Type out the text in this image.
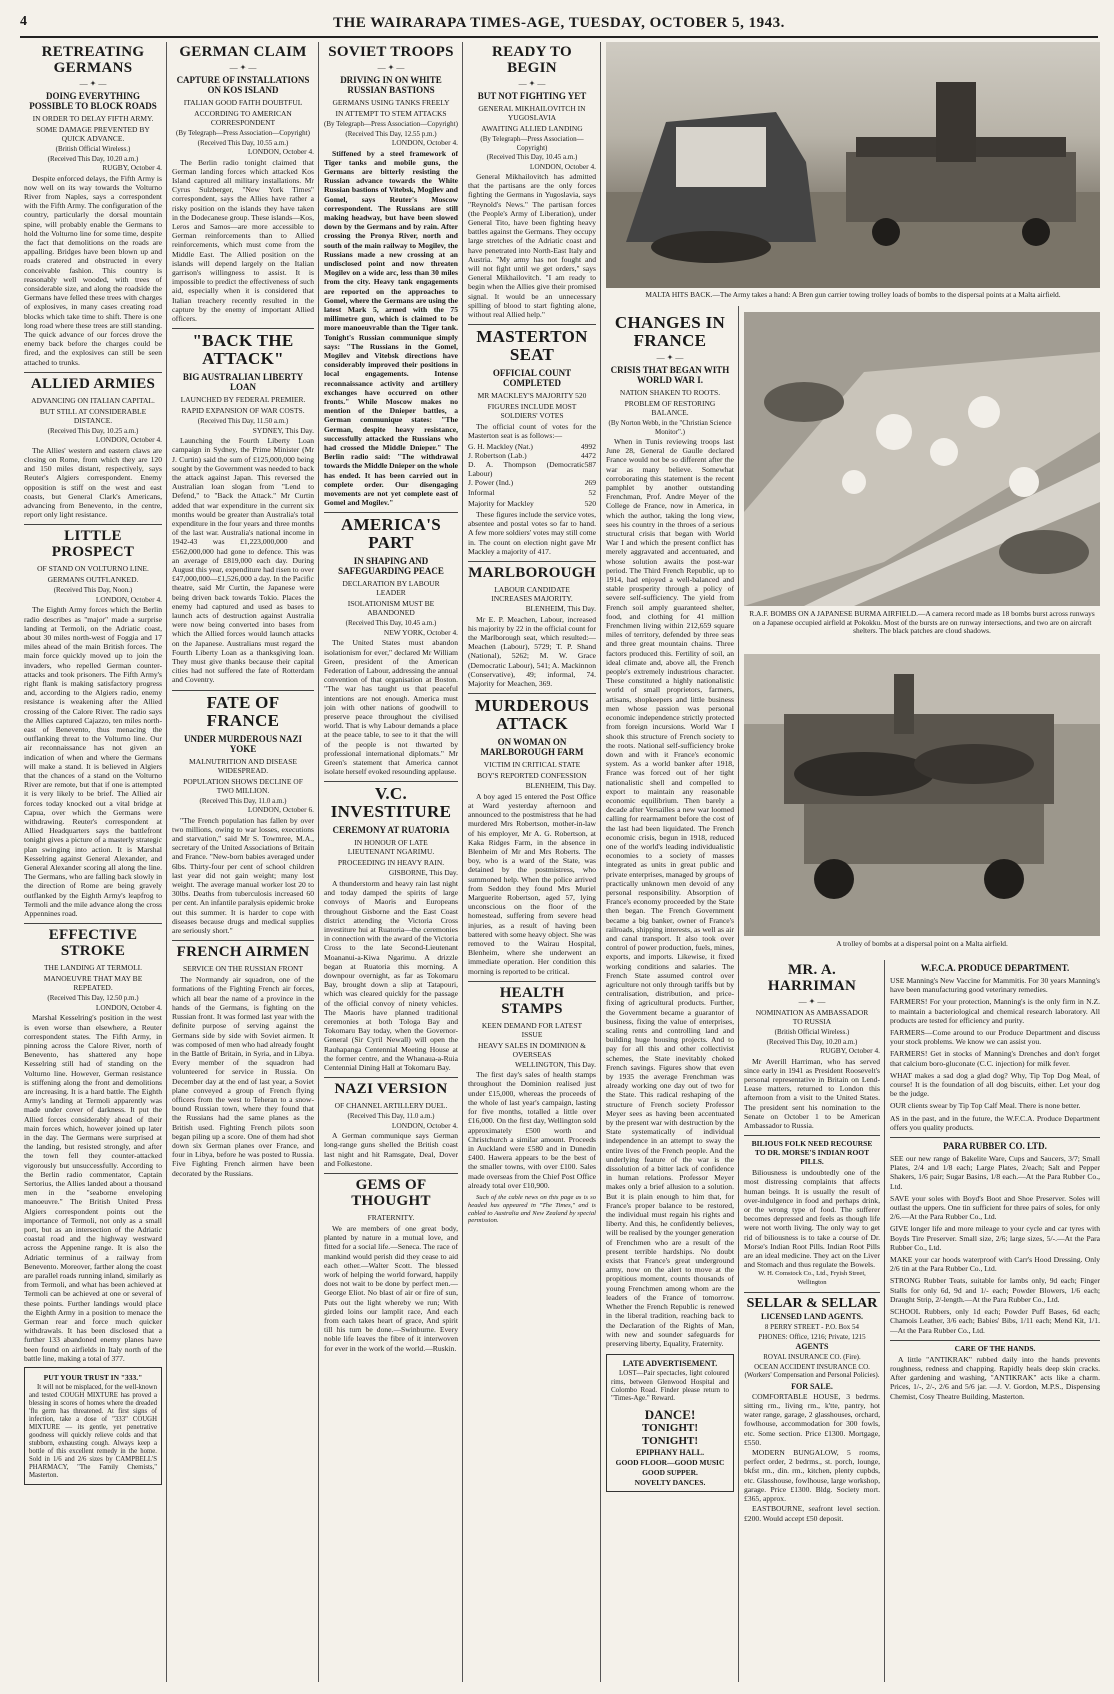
4	THE WAIRARAPA TIMES-AGE, TUESDAY, OCTOBER 5, 1943.
RETREATING GERMANS
— ✦ —
DOING EVERYTHING POSSIBLE TO BLOCK ROADS
IN ORDER TO DELAY FIFTH ARMY.
SOME DAMAGE PREVENTED BY QUICK ADVANCE.
(British Official Wireless.)
(Received This Day, 10.20 a.m.)
RUGBY, October 4.

Despite enforced delays, the Fifth Army is now well on its way towards the Volturno River from Naples, says a correspondent with the Fifth Army. The configuration of the country, particularly the dorsal mountain spine, will probably enable the Germans to hold the Volturno line for some time, despite the fact that demolitions on the roads are appalling. Bridges have been blown up and roads cratered and obstructed in every conceivable fashion. This country is reasonably well wooded, with trees of considerable size, and along the roadside the Germans have felled these trees with charges of explosives, in many cases creating road blocks which take time to shift. There is one long road where these trees are still standing. The quick advance of our forces drove the enemy back before the charges could be fired, and the explosives can still be seen attached to trunks.

ALLIED ARMIES
ADVANCING ON ITALIAN CAPITAL.
BUT STILL AT CONSIDERABLE DISTANCE.
(Received This Day, 10.25 a.m.)
LONDON, October 4.

The Allies' western and eastern claws are closing on Rome, from which they are 120 and 150 miles distant, respectively, says Reuter's Algiers correspondent. Enemy opposition is stiff on the west and east coasts, but General Clark's Americans, advancing from Benevento, in the centre, report only light resistance.

LITTLE PROSPECT
OF STAND ON VOLTURNO LINE.
GERMANS OUTFLANKED.
(Received This Day, Noon.)
LONDON, October 4.

The Eighth Army forces which the Berlin radio describes as "major" made a surprise landing at Termoli, on the Adriatic coast, about 30 miles north-west of Foggia and 17 miles ahead of the main British forces. The main force quickly moved up to join the invaders, who repelled German counter-attacks and took prisoners. The Fifth Army's right flank is making satisfactory progress and, according to the Algiers radio, enemy resistance is weakening after the Allied crossing of the Calore River. The radio says the Allies captured Cajazzo, ten miles north-east of Benevento, thus menacing the outflanking threat to the Volturno line. Our air reconnaissance has not given an indication of when and where the Germans will make a stand. It is believed in Algiers that the chances of a stand on the Volturno River are remote, but that if one is attempted it is very likely to be brief. The Allied air forces today knocked out a vital bridge at Capua, over which the Germans were withdrawing. Reuter's correspondent at Allied Headquarters says the battlefront tonight gives a picture of a masterly strategic plan swinging into action. It is Marshal Kesselring against General Alexander, and General Alexander scoring all along the line. The Germans, who are falling back slowly in the direction of Rome are being gravely outflanked by the Eighth Army's leapfrog to Termoli and the mile advance along the cross Appennines road.

EFFECTIVE STROKE
THE LANDING AT TERMOLI.
MANOEUVRE THAT MAY BE REPEATED.
(Received This Day, 12.50 p.m.)
LONDON, October 4.

Marshal Kesselring's position in the west is even worse than elsewhere, a Reuter correspondent states. The Fifth Army, in pinning across the Calore River, north of Benevento, has shattered any hope Kesselring still had of standing on the Volturno line. However, German resistance is stiffening along the front and demolitions are increasing. It is a hard battle. The Eighth Army's landing at Termoli apparently was made under cover of darkness. It put the Allied forces considerably ahead of their main forces which, however joined up later in the day. The Germans were surprised at the landing, but resisted strongly, and after the town fell they counter-attacked vigorously but unsuccessfully. According to the Berlin radio commentator, Captain Sertorius, the Allies landed about a thousand men in the "seaborne enveloping manoeuvre." The British United Press Algiers correspondent points out the importance of Termoli, not only as a small port, but as an intersection of the Adriatic coastal road and the highway westward across the Appenine range. It is also the Adriatic terminus of a railway from Benevento. Moreover, farther along the coast are parallel roads running inland, similarly as from Termoli, and what has been achieved at Termoli can be achieved at one or several of these points. Further landings would place the Eighth Army in a position to menace the German rear and force much quicker withdrawals. It has been disclosed that a further 133 abandoned enemy planes have been found on airfields in Italy north of the battle line, making a total of 377.

PUT YOUR TRUST IN "333."

It will not be misplaced, for the well-known and tested COUGH MIXTURE has proved a blessing in scores of homes where the dreaded 'flu germ has threatened. At first signs of infection, take a dose of "333" COUGH MIXTURE — its gentle, yet penetrative goodness will quickly relieve colds and that stubborn, exhausting cough. Always keep a bottle of this excellent remedy in the home. Sold in 1/6 and 2/6 sizes by CAMPBELL'S PHARMACY, "The Family Chemists," Masterton.

GERMAN CLAIM
— ✦ —
CAPTURE OF INSTALLATIONS ON KOS ISLAND
ITALIAN GOOD FAITH DOUBTFUL
ACCORDING TO AMERICAN CORRESPONDENT
(By Telegraph—Press Association—Copyright)
(Received This Day, 10.55 a.m.)
LONDON, October 4.

The Berlin radio tonight claimed that German landing forces which attacked Kos Island captured all military installations. Mr Cyrus Sulzberger, "New York Times" correspondent, says the Allies have rather a risky position on the islands they have taken in the Dodecanese group. These islands—Kos, Leros and Samos—are more accessible to German reinforcements than to Allied reinforcements, which must come from the Middle East. The Allied position on the islands will depend largely on the Italian garrison's willingness to assist. It is impossible to predict the effectiveness of such aid, especially when it is considered that Italian treachery recently resulted in the capture by the enemy of important Allied officers.

"BACK THE ATTACK"
BIG AUSTRALIAN LIBERTY LOAN
LAUNCHED BY FEDERAL PREMIER.
RAPID EXPANSION OF WAR COSTS.
(Received This Day, 11.50 a.m.)
SYDNEY, This Day.

Launching the Fourth Liberty Loan campaign in Sydney, the Prime Minister (Mr J. Curtin) said the sum of £125,000,000 being sought by the Government was needed to back the attack against Japan. This reversed the Australian loan slogan from "Lend to Defend," to "Back the Attack." Mr Curtin added that war expenditure in the current six months would be greater than Australia's total expenditure in the four years and three months of the last war. Australia's national income in 1942-43 was £1,223,000,000 and £562,000,000 had gone to defence. This was an average of £819,000 each day. During August this year, expenditure had risen to over £47,000,000—£1,526,000 a day. In the Pacific theatre, said Mr Curtin, the Japanese were being driven back towards Tokio. Places the enemy had captured and used as bases to launch acts of destruction against Australia were now being converted into bases from which the Allied forces would launch attacks on the Japanese. Australians must regard the Fourth Liberty Loan as a thanksgiving loan. They must give thanks because their capital cities had not suffered the fate of Rotterdam and Coventry.

FATE OF FRANCE
UNDER MURDEROUS NAZI YOKE
MALNUTRITION AND DISEASE WIDESPREAD.
POPULATION SHOWS DECLINE OF TWO MILLION.
(Received This Day, 11.0 a.m.)
LONDON, October 6.

"The French population has fallen by over two millions, owing to war losses, executions and starvation," said Mr S. Towmree, M.A., secretary of the United Associations of Britain and France. "New-born babies averaged under 6lbs. Thirty-four per cent of school children last year did not gain weight; many lost weight. The average manual worker lost 20 to 30lbs. Deaths from tuberculosis increased 60 per cent. An infantile paralysis epidemic broke out this summer. It is harder to cope with diseases because drugs and medical supplies are seriously short."

FRENCH AIRMEN
SERVICE ON THE RUSSIAN FRONT

The Normandy air squadron, one of the formations of the Fighting French air forces, which all bear the name of a province in the hands of the Germans, is fighting on the Russian front. It was formed last year with the definite purpose of serving against the Germans side by side with Soviet airmen. It was composed of men who had already fought in the Battle of Britain, in Syria, and in Libya. Every member of the squadron had volunteered for service in Russia. On December day at the end of last year, a Soviet plane conveyed a group of French flying officers from the west to Teheran to a snow-bound Russian town, where they found that the Russians had the same planes as the British used. Fighting French pilots soon began piling up a score. One of them had shot down six German planes over France, and four in Libya, before he was posted to Russia. Five Fighting French airmen have been decorated by the Russians.

SOVIET TROOPS
— ✦ —
DRIVING IN ON WHITE RUSSIAN BASTIONS
GERMANS USING TANKS FREELY
IN ATTEMPT TO STEM ATTACKS
(By Telegraph—Press Association—Copyright)
(Received This Day, 12.55 p.m.)
LONDON, October 4.

Stiffened by a steel framework of Tiger tanks and mobile guns, the Germans are bitterly resisting the Russian advance towards the White Russian bastions of Vitebsk, Mogilev and Gomel, says Reuter's Moscow correspondent. The Russians are still making headway, but have been slowed down by the Germans and by rain. After crossing the Pronya River, north and south of the main railway to Mogilev, the Russians made a new crossing at an undisclosed point and now threaten Mogilev on a wide arc, less than 30 miles from the city. Heavy tank engagements are reported on the approaches to Gomel, where the Germans are using the latest Mark 5, armed with the 75 millimetre gun, which is claimed to be more manoeuvrable than the Tiger tank. Tonight's Russian communique simply says: "The Russians in the Gomel, Mogilev and Vitebsk directions have considerably improved their positions in local engagements. Intense reconnaissance activity and artillery exchanges have occurred on other fronts." While Moscow makes no mention of the Dnieper battles, a German communique states: "The German, despite heavy resistance, successfully attacked the Russians who had crossed the Middle Dnieper." The Berlin radio said: "The withdrawal towards the Middle Dnieper on the whole has ended. It has been carried out in complete order. Our disengaging movements are not yet complete east of Gomel and Mogilev."

AMERICA'S PART
IN SHAPING AND SAFEGUARDING PEACE
DECLARATION BY LABOUR LEADER
ISOLATIONISM MUST BE ABANDONED
(Received This Day, 10.45 a.m.)
NEW YORK, October 4.

The United States must abandon isolationism for ever," declared Mr William Green, president of the American Federation of Labour, addressing the annual convention of that organisation at Boston. "The war has taught us that peaceful intentions are not enough. America must join with other nations of goodwill to preserve peace throughout the civilised world. That is why Labour demands a place at the peace table, to see to it that the will of the people is not thwarted by professional international diplomats." Mr Green's statement that America cannot isolate herself evoked resounding applause.

V.C. INVESTITURE
CEREMONY AT RUATORIA
IN HONOUR OF LATE LIEUTENANT NGARIMU.
PROCEEDING IN HEAVY RAIN.
GISBORNE, This Day.

A thunderstorm and heavy rain last night and today damped the spirits of large convoys of Maoris and Europeans throughout Gisborne and the East Coast district attending the Victoria Cross investiture hui at Ruatoria—the ceremonies in connection with the award of the Victoria Cross to the late Second-Lieutenant Moananui-a-Kiwa Ngarimu. A drizzle began at Ruatoria this morning. A downpour overnight, as far as Tokomaru Bay, brought down a slip at Tatapouri, which was cleared quickly for the passage of the official convoy of ninety vehicles. The Maoris have planned traditional ceremonies at both Tologa Bay and Tokomaru Bay today, when the Governor-General (Sir Cyril Newall) will open the Rauhapanga Centennial Meeting House at the former centre, and the Whanaua-a-Ruia Centennial Dining Hall at Tokomaru Bay.

NAZI VERSION
OF CHANNEL ARTILLERY DUEL.
(Received This Day, 11.0 a.m.)
LONDON, October 4.

A German communique says German long-range guns shelled the British coast last night and hit Ramsgate, Deal, Dover and Folkestone.

GEMS OF THOUGHT
FRATERNITY.

We are members of one great body, planted by nature in a mutual love, and fitted for a social life.—Seneca. The race of mankind would perish did they cease to aid each other.—Walter Scott. The blessed work of helping the world forward, happily does not wait to be done by perfect men.—George Eliot. No blast of air or fire of sun, Puts out the light whereby we run; With girded loins our lamplit race, And each from each takes heart of grace, And spirit till his turn be done.—Swinburne. Every noble life leaves the fibre of it interwoven for ever in the work of the world.—Ruskin.

READY TO BEGIN
— ✦ —
BUT NOT FIGHTING YET
GENERAL MIKHAILOVITCH IN YUGOSLAVIA
AWAITING ALLIED LANDING
(By Telegraph—Press Association—Copyright)
(Received This Day, 10.45 a.m.)
LONDON, October 4.

General Mikhailovitch has admitted that the partisans are the only forces fighting the Germans in Yugoslavia, says "Reynold's News." The partisan forces (the People's Army of Liberation), under General Tito, have been fighting heavy battles against the Germans. They occupy large stretches of the Adriatic coast and have penetrated into North-East Italy and Austria. "My army has not fought and will not fight until we get orders," says General Mikhailovitch. "I am ready to begin when the Allies give their promised signal. It would be an unnecessary spilling of blood to start fighting alone, without real Allied help."

MASTERTON SEAT
OFFICIAL COUNT COMPLETED
MR MACKLEY'S MAJORITY 520
FIGURES INCLUDE MOST SOLDIERS' VOTES

The official count of votes for the Masterton seat is as follows:—

G. H. Mackley (Nat.)	4992
J. Robertson (Lab.)	4472
D. A. Thompson (Democratic Labour)
587
J. Power (Ind.)	269
Informal	52
Majority for Mackley	520

These figures include the service votes, absentee and postal votes so far to hand. A few more soldiers' votes may still come in. The count on election night gave Mr Mackley a majority of 417.

MARLBOROUGH
LABOUR CANDIDATE INCREASES MAJORITY.
BLENHEIM, This Day.

Mr E. P. Meachen, Labour, increased his majority by 22 in the official count for the Marlborough seat, which resulted:—Meachen (Labour), 5729; T. P. Shand (National), 5262; M. W. Grace (Democratic Labour), 541; A. Mackinnon (Conservative), 49; informal, 74. Majority for Meachen, 369.

MURDEROUS ATTACK
ON WOMAN ON MARLBOROUGH FARM
VICTIM IN CRITICAL STATE
BOY'S REPORTED CONFESSION
BLENHEIM, This Day.

A boy aged 15 entered the Post Office at Ward yesterday afternoon and announced to the postmistress that he had murdered Mrs Robertson, mother-in-law of his employer, Mr A. G. Robertson, at Kaka Ridges Farm, in the absence in Blenheim of Mr and Mrs Roberts. The boy, who is a ward of the State, was detained by the postmistress, who summoned help. When the police arrived from Seddon they found Mrs Muriel Marguerite Robertson, aged 57, lying unconscious on the floor of the homestead, suffering from severe head injuries, as a result of having been battered with some heavy object. She was removed to the Wairau Hospital, Blenheim, where she underwent an immediate operation. Her condition this morning is reported to be critical.

HEALTH STAMPS
KEEN DEMAND FOR LATEST ISSUE
HEAVY SALES IN DOMINION & OVERSEAS
WELLINGTON, This Day.

The first day's sales of health stamps throughout the Dominion realised just under £15,000, whereas the proceeds of the whole of last year's campaign, lasting for five months, totalled a little over £16,000. On the first day, Wellington sold approximately £500 worth and Christchurch a similar amount. Proceeds in Auckland were £580 and in Dunedin £400. Hawera appears to be the best of the smaller towns, with over £100. Sales made overseas from the Chief Post Office already total over £10,900.

Such of the cable news on this page as is so headed has appeared in "The Times," and is cabled to Australia and New Zealand by special permission.

MALTA HITS BACK.—The Army takes a hand: A Bren gun carrier towing trolley loads of bombs to the dispersal points at a Malta airfield.
CHANGES IN FRANCE
— ✦ —
CRISIS THAT BEGAN WITH WORLD WAR I.
NATION SHAKEN TO ROOTS.
PROBLEM OF RESTORING BALANCE.
(By Norton Webb, in the "Christian Science Monitor".)

When in Tunis reviewing troops last June 28, General de Gaulle declared France would not be so different after the war as many believe. Somewhat corroborating this statement is the recent pamphlet by another outstanding Frenchman, Prof. Andre Meyer of the College de France, now in America, in which the author, taking the long view, sees his country in the throes of a serious structural crisis that began with World War I and which the present conflict has merely aggravated and accentuated, and whose solution awaits the post-war period. The Third French Republic, up to 1914, had enjoyed a well-balanced and stable prosperity through a policy of severe self-sufficiency. The yield from French soil amply guaranteed shelter, food, and clothing for 41 million Frenchmen living within 212,659 square miles of territory, defended by three seas and three great mountain chains. Three factors produced this. Fertility of soil, an ideal climate and, above all, the French people's extremely industrious character. These constituted a highly nationalistic world of small proprietors, farmers, artisans, shopkeepers and little business men whose passion was personal economic independence strictly protected from foreign incursions. World War I shook this structure of French society to the roots. National self-sufficiency broke down and with it France's economic system. As a world banker after 1918, France was forced out of her tight nationalistic shell and compelled to export to maintain any reasonable economic equilibrium. Then barely a decade after Versailles a new war loomed calling for rearmament before the cost of the last had been liquidated. The French economic crisis, begun in 1918, reduced one of the world's leading individualistic economies to a society of masses integrated as units in great public and private enterprises, managed by groups of practically unknown men devoid of any personal responsibility. Absorption of France's economy proceeded by the State then began. The French Government became a big banker, owner of France's railroads, shipping interests, as well as air and canal transport. It also took over control of power production, fuels, mines, exports, and imports. Likewise, it fixed working conditions and salaries. The French State assumed control over agriculture not only through tariffs but by centralisation, distribution, and price-fixing of agricultural products. Further, the Government became a guarantor of business, fixing the value of enterprises, scaling rents and controlling land and building huge housing projects. And to pay for all this and other collectivist schemes, the State inevitably choked French savings. Figures show that even by 1935 the average Frenchman was already working one day out of two for the State. This radical reshaping of the structure of French society Professor Meyer sees as having been accentuated by the present war with destruction by the State systematically of individual independence in an attempt to sway the entire lives of the French people. And the underlying feature of the war is the dissolution of a bitter lack of confidence in human relations. Professor Meyer makes only a brief allusion to a solution. But it is plain enough to him that, for France's proper balance to be restored, the individual must regain his rights and liberty. And this, he confidently believes, will be realised by the younger generation of Frenchmen who are a result of the present terrible hardships. No doubt exists that France's great underground army, now on the alert to move at the propitious moment, counts thousands of young Frenchmen among whom are the leaders of the France of tomorrow. Whether the French Republic is renewed in the liberal tradition, reaching back to the Declaration of the Rights of Man, with new and sounder safeguards for preserving liberty, Equality, Fraternity.

LATE ADVERTISEMENT.

LOST—Pair spectacles, light coloured rims, between Glenwood Hospital and Colombo Road. Finder please return to "Times-Age." Reward.

DANCE!
TONIGHT!
TONIGHT!
EPIPHANY HALL.
GOOD FLOOR—GOOD MUSIC
GOOD SUPPER.
NOVELTY DANCES.
R.A.F. BOMBS ON A JAPANESE BURMA AIRFIELD.—A camera record made as 18 bombs burst across runways on a Japanese occupied airfield at Pokokku. Most of the bursts are on runway intersections, and two are on aircraft shelters. The black patches are cloud shadows.
A trolley of bombs at a dispersal point on a Malta airfield.
MR. A. HARRIMAN
— ✦ —
NOMINATION AS AMBASSADOR TO RUSSIA
(British Official Wireless.)
(Received This Day, 10.20 a.m.)
RUGBY, October 4.

Mr Averill Harriman, who has served since early in 1941 as President Roosevelt's personal representative in Britain on Lend-Lease matters, returned to London this afternoon from a visit to the United States. The president sent his nomination to the Senate on October 1 to be American Ambassador to Russia.

BILIOUS FOLK NEED RECOURSE TO DR. MORSE'S INDIAN ROOT PILLS.

Biliousness is undoubtedly one of the most distressing complaints that affects human beings. It is usually the result of over-indulgence in food and perhaps drink, or the wrong type of food. The sufferer becomes depressed and feels as though life were not worth living. The only way to get rid of biliousness is to take a course of Dr. Morse's Indian Root Pills. Indian Root Pills are an ideal medicine. They act on the Liver and Stomach and thus regulate the Bowels.

W. H. Comstock Co., Ltd., Fryish Street, Wellington
SELLAR & SELLAR
LICENSED LAND AGENTS.
8 PERRY STREET - P.O. Box 54
PHONES: Office, 1216; Private, 1215
AGENTS
ROYAL INSURANCE CO. (Fire).
OCEAN ACCIDENT INSURANCE CO. (Workers' Compensation and Personal Policies).
FOR SALE.

COMFORTABLE HOUSE, 3 bedrms. sitting rm., living rm., k'tte, pantry, hot water range, garage, 2 glasshouses, orchard, fowlhouse, accommodation for 300 fowls, etc. Some section. Price £1300. Mortgage, £550.

MODERN BUNGALOW, 5 rooms, perfect order, 2 bedrms., st. porch, lounge, bkfst rm., din. rm., kitchen, plenty cupbds, etc. Glasshouse, fowlhouse, large workshop, garage. Price £1300. Bldg. Society mort. £365, approx.

EASTBOURNE, seafront level section. £200. Would accept £50 deposit.

W.F.C.A. PRODUCE DEPARTMENT.

USE Manning's New Vaccine for Mammitis. For 30 years Manning's have been manufacturing good veterinary remedies.

FARMERS! For your protection, Manning's is the only firm in N.Z. to maintain a bacteriological and chemical research laboratory. All products are tested for efficiency and purity.

FARMERS—Come around to our Produce Department and discuss your stock problems. We know we can assist you.

FARMERS! Get in stocks of Manning's Drenches and don't forget that calcium boro-gluconate (C.C. injection) for milk fever.

WHAT makes a sad dog a glad dog? Why, Tip Top Dog Meal, of course! It is the foundation of all dog biscuits, either. Let your dog be the judge.

OUR clients swear by Tip Top Calf Meal. There is none better.

AS in the past, and in the future, the W.F.C.A. Produce Department offers you quality products.

PARA RUBBER CO. LTD.

SEE our new range of Bakelite Ware, Cups and Saucers, 3/7; Small Plates, 2/4 and 1/8 each; Large Plates, 2/each; Salt and Pepper Shakers, 1/6 pair; Sugar Basins, 1/8 each.—At the Para Rubber Co., Ltd.

SAVE your soles with Boyd's Boot and Shoe Preserver. Soles will outlast the uppers. One tin sufficient for three pairs of soles, for only 2/6.—At the Para Rubber Co., Ltd.

GIVE longer life and more mileage to your cycle and car tyres with Boyds Tire Preserver. Small size, 2/6; large sizes, 5/-.—At the Para Rubber Co., Ltd.

MAKE your car hoods waterproof with Carr's Hood Dressing. Only 2/6 tin at the Para Rubber Co., Ltd.

STRONG Rubber Teats, suitable for lambs only, 9d each; Finger Stalls for only 6d, 9d and 1/- each; Powder Blowers, 1/6 each; Draught Strip, 2/-length.—At the Para Rubber Co., Ltd.

SCHOOL Rubbers, only 1d each; Powder Puff Bases, 6d each; Chamois Leather, 3/6 each; Babies' Bibs, 1/11 each; Mend Kit, 1/1.—At the Para Rubber Co., Ltd.

CARE OF THE HANDS.

A little "ANTIKRAK" rubbed daily into the hands prevents roughness, redness and chapping. Rapidly heals deep skin cracks. After gardening and washing, "ANTIKRAK" acts like a charm. Prices, 1/-, 2/-, 2/6 and 5/6 jar. —J. V. Gordon, M.P.S., Dispensing Chemist, Cosy Theatre Building, Masterton.
